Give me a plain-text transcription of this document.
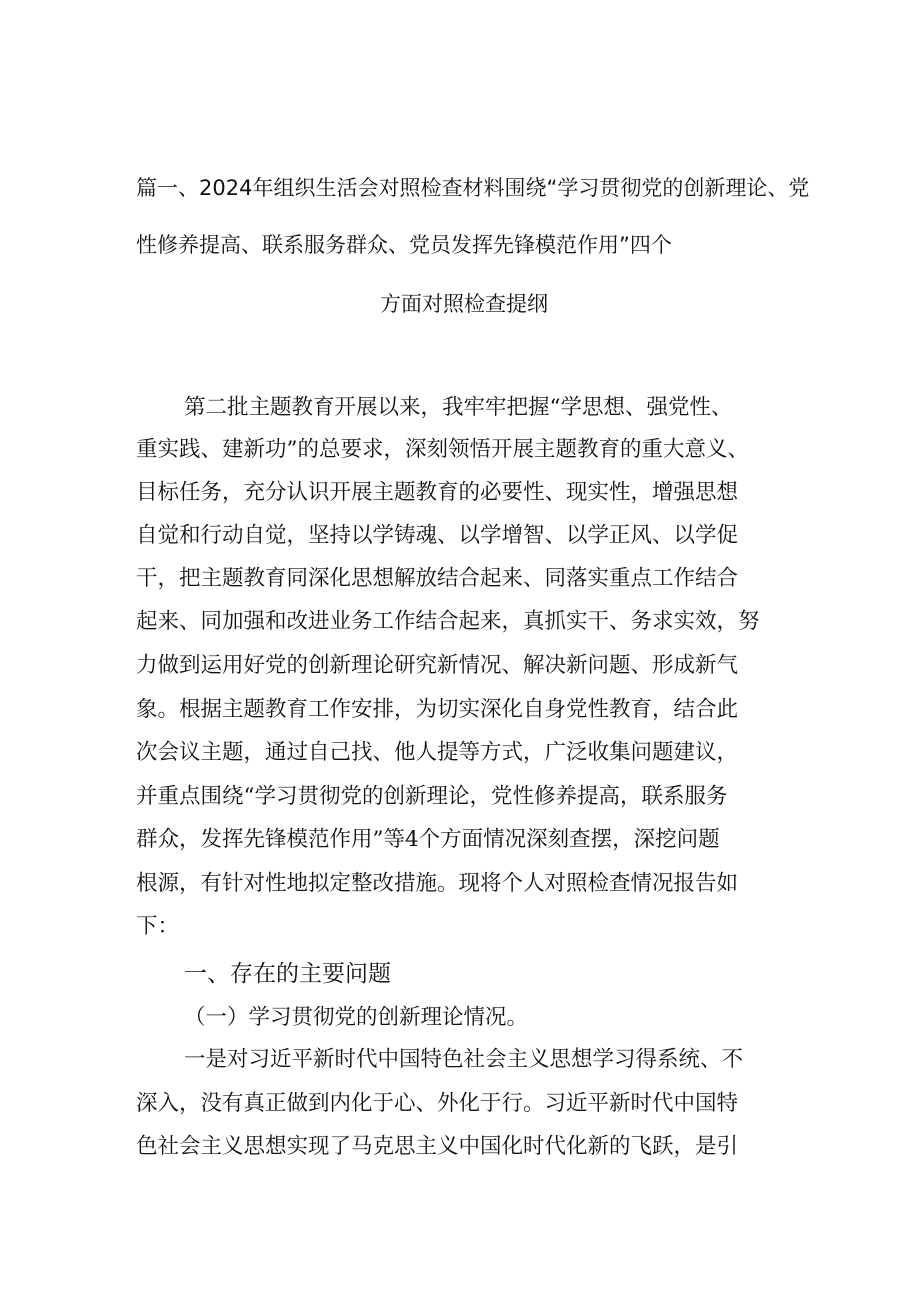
篇一、2024年组织生活会对照检查材料围绕“学习贯彻党的创新理论、党
性修养提高、联系服务群众、党员发挥先锋模范作用”四个
方面对照检查提纲
第二批主题教育开展以来，我牢牢把握“学思想、强党性、
重实践、建新功”的总要求，深刻领悟开展主题教育的重大意义、
目标任务，充分认识开展主题教育的必要性、现实性，增强思想
自觉和行动自觉，坚持以学铸魂、以学增智、以学正风、以学促
干，把主题教育同深化思想解放结合起来、同落实重点工作结合
起来、同加强和改进业务工作结合起来，真抓实干、务求实效，努
力做到运用好党的创新理论研究新情况、解决新问题、形成新气
象。根据主题教育工作安排，为切实深化自身党性教育，结合此
次会议主题，通过自己找、他人提等方式，广泛收集问题建议，
并重点围绕“学习贯彻党的创新理论，党性修养提高，联系服务
群众，发挥先锋模范作用”等4个方面情况深刻查摆，深挖问题
根源，有针对性地拟定整改措施。现将个人对照检查情况报告如
下：
一、存在的主要问题
（一）学习贯彻党的创新理论情况。
一是对习近平新时代中国特色社会主义思想学习得系统、不
深入，没有真正做到内化于心、外化于行。习近平新时代中国特
色社会主义思想实现了马克思主义中国化时代化新的飞跃，是引
